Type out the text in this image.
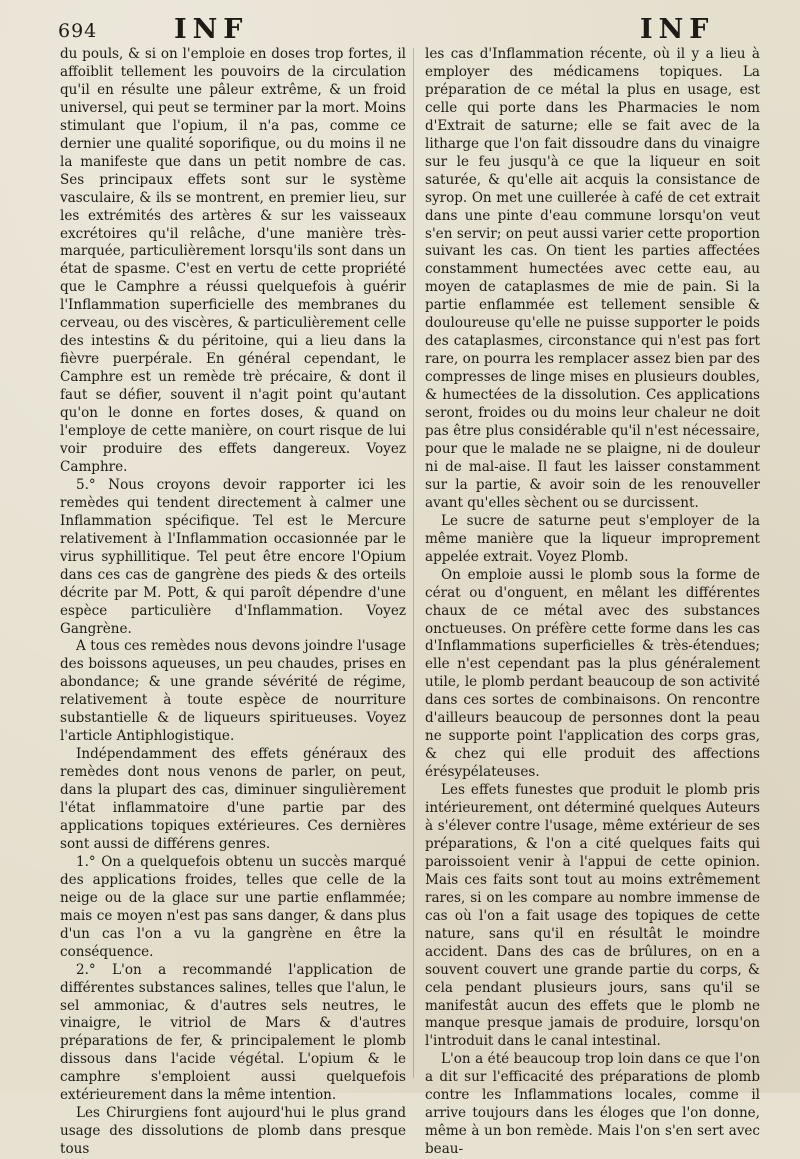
694	INF	INF

du pouls, & si on l'emploie en doses trop fortes, il affoiblit tellement les pouvoirs de la circulation qu'il en résulte une pâleur extrême, & un froid universel, qui peut se terminer par la mort. Moins stimulant que l'opium, il n'a pas, comme ce dernier une qualité soporifique, ou du moins il ne la manifeste que dans un petit nombre de cas. Ses principaux effets sont sur le système vasculaire, & ils se montrent, en premier lieu, sur les extrémités des artères & sur les vaisseaux excrétoires qu'il relâche, d'une manière très-marquée, particulièrement lorsqu'ils sont dans un état de spasme. C'est en vertu de cette propriété que le Camphre a réussi quelquefois à guérir l'Inflammation superficielle des membranes du cerveau, ou des viscères, & particulièrement celle des intestins & du péritoine, qui a lieu dans la fièvre puerpérale. En général cependant, le Camphre est un remède trè précaire, & dont il faut se défier, souvent il n'agit point qu'autant qu'on le donne en fortes doses, & quand on l'employe de cette manière, on court risque de lui voir produire des effets dangereux. Voyez Camphre.

5.° Nous croyons devoir rapporter ici les remèdes qui tendent directement à calmer une Inflammation spécifique. Tel est le Mercure relativement à l'Inflammation occasionnée par le virus syphillitique. Tel peut être encore l'Opium dans ces cas de gangrène des pieds & des orteils décrite par M. Pott, & qui paroît dépendre d'une espèce particulière d'Inflammation. Voyez Gangrène.

A tous ces remèdes nous devons joindre l'usage des boissons aqueuses, un peu chaudes, prises en abondance; & une grande sévérité de régime, relativement à toute espèce de nourriture substantielle & de liqueurs spiritueuses. Voyez l'article Antiphlogistique.

Indépendamment des effets généraux des remèdes dont nous venons de parler, on peut, dans la plupart des cas, diminuer singulièrement l'état inflammatoire d'une partie par des applications topiques extérieures. Ces dernières sont aussi de différens genres.

1.° On a quelquefois obtenu un succès marqué des applications froides, telles que celle de la neige ou de la glace sur une partie enflammée; mais ce moyen n'est pas sans danger, & dans plus d'un cas l'on a vu la gangrène en être la conséquence.

2.° L'on a recommandé l'application de différentes substances salines, telles que l'alun, le sel ammoniac, & d'autres sels neutres, le vinaigre, le vitriol de Mars & d'autres préparations de fer, & principalement le plomb dissous dans l'acide végétal. L'opium & le camphre s'emploient aussi quelquefois extérieurement dans la même intention.

Les Chirurgiens font aujourd'hui le plus grand usage des dissolutions de plomb dans presque tous

les cas d'Inflammation récente, où il y a lieu à employer des médicamens topiques. La préparation de ce métal la plus en usage, est celle qui porte dans les Pharmacies le nom d'Extrait de saturne; elle se fait avec de la litharge que l'on fait dissoudre dans du vinaigre sur le feu jusqu'à ce que la liqueur en soit saturée, & qu'elle ait acquis la consistance de syrop. On met une cuillerée à café de cet extrait dans une pinte d'eau commune lorsqu'on veut s'en servir; on peut aussi varier cette proportion suivant les cas. On tient les parties affectées constamment humectées avec cette eau, au moyen de cataplasmes de mie de pain. Si la partie enflammée est tellement sensible & douloureuse qu'elle ne puisse supporter le poids des cataplasmes, circonstance qui n'est pas fort rare, on pourra les remplacer assez bien par des compresses de linge mises en plusieurs doubles, & humectées de la dissolution. Ces applications seront, froides ou du moins leur chaleur ne doit pas être plus considérable qu'il n'est nécessaire, pour que le malade ne se plaigne, ni de douleur ni de mal-aise. Il faut les laisser constamment sur la partie, & avoir soin de les renouveller avant qu'elles sèchent ou se durcissent.

Le sucre de saturne peut s'employer de la même manière que la liqueur improprement appelée extrait. Voyez Plomb.

On emploie aussi le plomb sous la forme de cérat ou d'onguent, en mêlant les différentes chaux de ce métal avec des substances onctueuses. On préfère cette forme dans les cas d'Inflammations superficielles & très-étendues; elle n'est cependant pas la plus généralement utile, le plomb perdant beaucoup de son activité dans ces sortes de combinaisons. On rencontre d'ailleurs beaucoup de personnes dont la peau ne supporte point l'application des corps gras, & chez qui elle produit des affections érésypélateuses.

Les effets funestes que produit le plomb pris intérieurement, ont déterminé quelques Auteurs à s'élever contre l'usage, même extérieur de ses préparations, & l'on a cité quelques faits qui paroissoient venir à l'appui de cette opinion. Mais ces faits sont tout au moins extrêmement rares, si on les compare au nombre immense de cas où l'on a fait usage des topiques de cette nature, sans qu'il en résultât le moindre accident. Dans des cas de brûlures, on en a souvent couvert une grande partie du corps, & cela pendant plusieurs jours, sans qu'il se manifestât aucun des effets que le plomb ne manque presque jamais de produire, lorsqu'on l'introduit dans le canal intestinal.

L'on a été beaucoup trop loin dans ce que l'on a dit sur l'efficacité des préparations de plomb contre les Inflammations locales, comme il arrive toujours dans les éloges que l'on donne, même à un bon remède. Mais l'on s'en sert avec beau-
